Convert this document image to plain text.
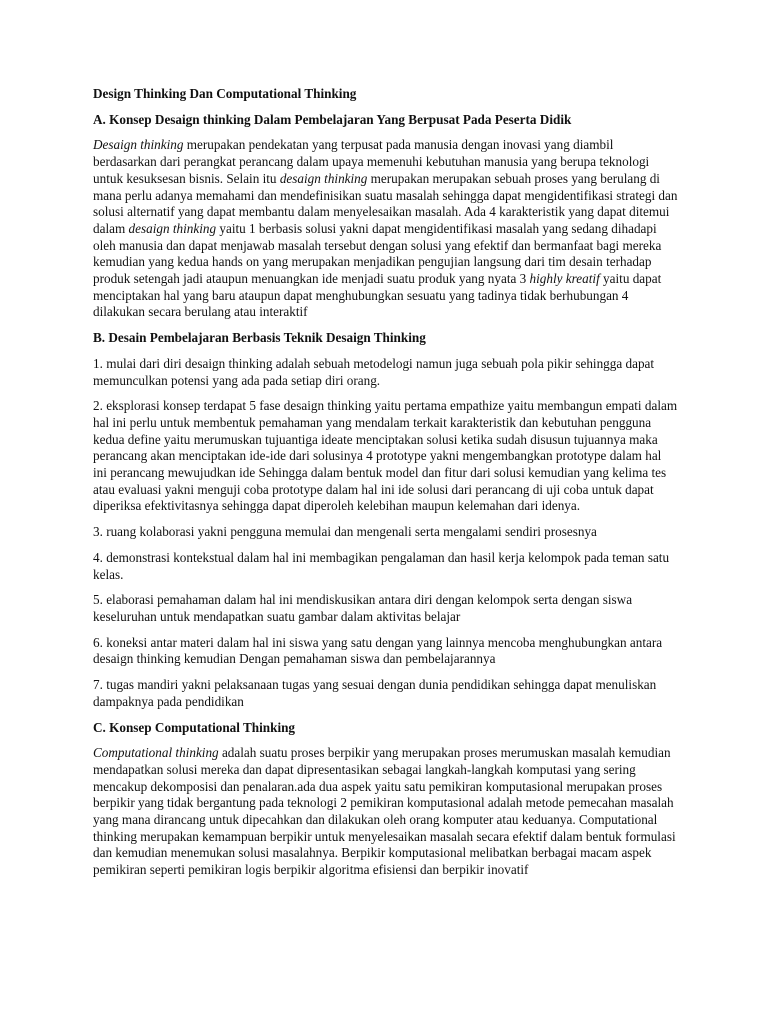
Design Thinking Dan Computational Thinking
A. Konsep Desaign thinking Dalam Pembelajaran Yang Berpusat Pada Peserta Didik
Desaign thinking merupakan pendekatan yang terpusat pada manusia dengan inovasi yang diambil berdasarkan dari perangkat perancang dalam upaya memenuhi kebutuhan manusia yang berupa teknologi untuk kesuksesan bisnis. Selain itu desaign thinking merupakan merupakan sebuah proses yang berulang di mana perlu adanya memahami dan mendefinisikan suatu masalah sehingga dapat mengidentifikasi strategi dan solusi alternatif yang dapat membantu dalam menyelesaikan masalah. Ada 4 karakteristik yang dapat ditemui dalam desaign thinking yaitu 1 berbasis solusi yakni dapat mengidentifikasi masalah yang sedang dihadapi oleh manusia dan dapat menjawab masalah tersebut dengan solusi yang efektif dan bermanfaat bagi mereka kemudian yang kedua hands on yang merupakan menjadikan pengujian langsung dari tim desain terhadap produk setengah jadi ataupun menuangkan ide menjadi suatu produk yang nyata 3 highly kreatif yaitu dapat menciptakan hal yang baru ataupun dapat menghubungkan sesuatu yang tadinya tidak berhubungan 4 dilakukan secara berulang atau interaktif
B. Desain Pembelajaran Berbasis Teknik Desaign Thinking
1. mulai dari diri desaign thinking adalah sebuah metodelogi namun juga sebuah pola pikir sehingga dapat memunculkan potensi yang ada pada setiap diri orang.
2. eksplorasi konsep terdapat 5 fase desaign thinking yaitu pertama empathize yaitu membangun empati dalam hal ini perlu untuk membentuk pemahaman yang mendalam terkait karakteristik dan kebutuhan pengguna kedua define yaitu merumuskan tujuantiga ideate menciptakan solusi ketika sudah disusun tujuannya maka perancang akan menciptakan ide-ide dari solusinya 4 prototype yakni mengembangkan prototype dalam hal ini perancang mewujudkan ide Sehingga dalam bentuk model dan fitur dari solusi kemudian yang kelima tes atau evaluasi yakni menguji coba prototype dalam hal ini ide solusi dari perancang di uji coba untuk dapat diperiksa efektivitasnya sehingga dapat diperoleh kelebihan maupun kelemahan dari idenya.
3. ruang kolaborasi yakni pengguna memulai dan mengenali serta mengalami sendiri prosesnya
4. demonstrasi kontekstual dalam hal ini membagikan pengalaman dan hasil kerja kelompok pada teman satu kelas.
5. elaborasi pemahaman dalam hal ini mendiskusikan antara diri dengan kelompok serta dengan siswa keseluruhan untuk mendapatkan suatu gambar dalam aktivitas belajar
6. koneksi antar materi dalam hal ini siswa yang satu dengan yang lainnya mencoba menghubungkan antara desaign thinking kemudian Dengan pemahaman siswa dan pembelajarannya
7. tugas mandiri yakni pelaksanaan tugas yang sesuai dengan dunia pendidikan sehingga dapat menuliskan dampaknya pada pendidikan
C. Konsep Computational Thinking
Computational thinking adalah suatu proses berpikir yang merupakan proses merumuskan masalah kemudian mendapatkan solusi mereka dan dapat dipresentasikan sebagai langkah-langkah komputasi yang sering mencakup dekomposisi dan penalaran.ada dua aspek yaitu satu pemikiran komputasional merupakan proses berpikir yang tidak bergantung pada teknologi 2 pemikiran komputasional adalah metode pemecahan masalah yang mana dirancang untuk dipecahkan dan dilakukan oleh orang komputer atau keduanya. Computational thinking merupakan kemampuan berpikir untuk menyelesaikan masalah secara efektif dalam bentuk formulasi dan kemudian menemukan solusi masalahnya. Berpikir komputasional melibatkan berbagai macam aspek pemikiran seperti pemikiran logis berpikir algoritma efisiensi dan berpikir inovatif
